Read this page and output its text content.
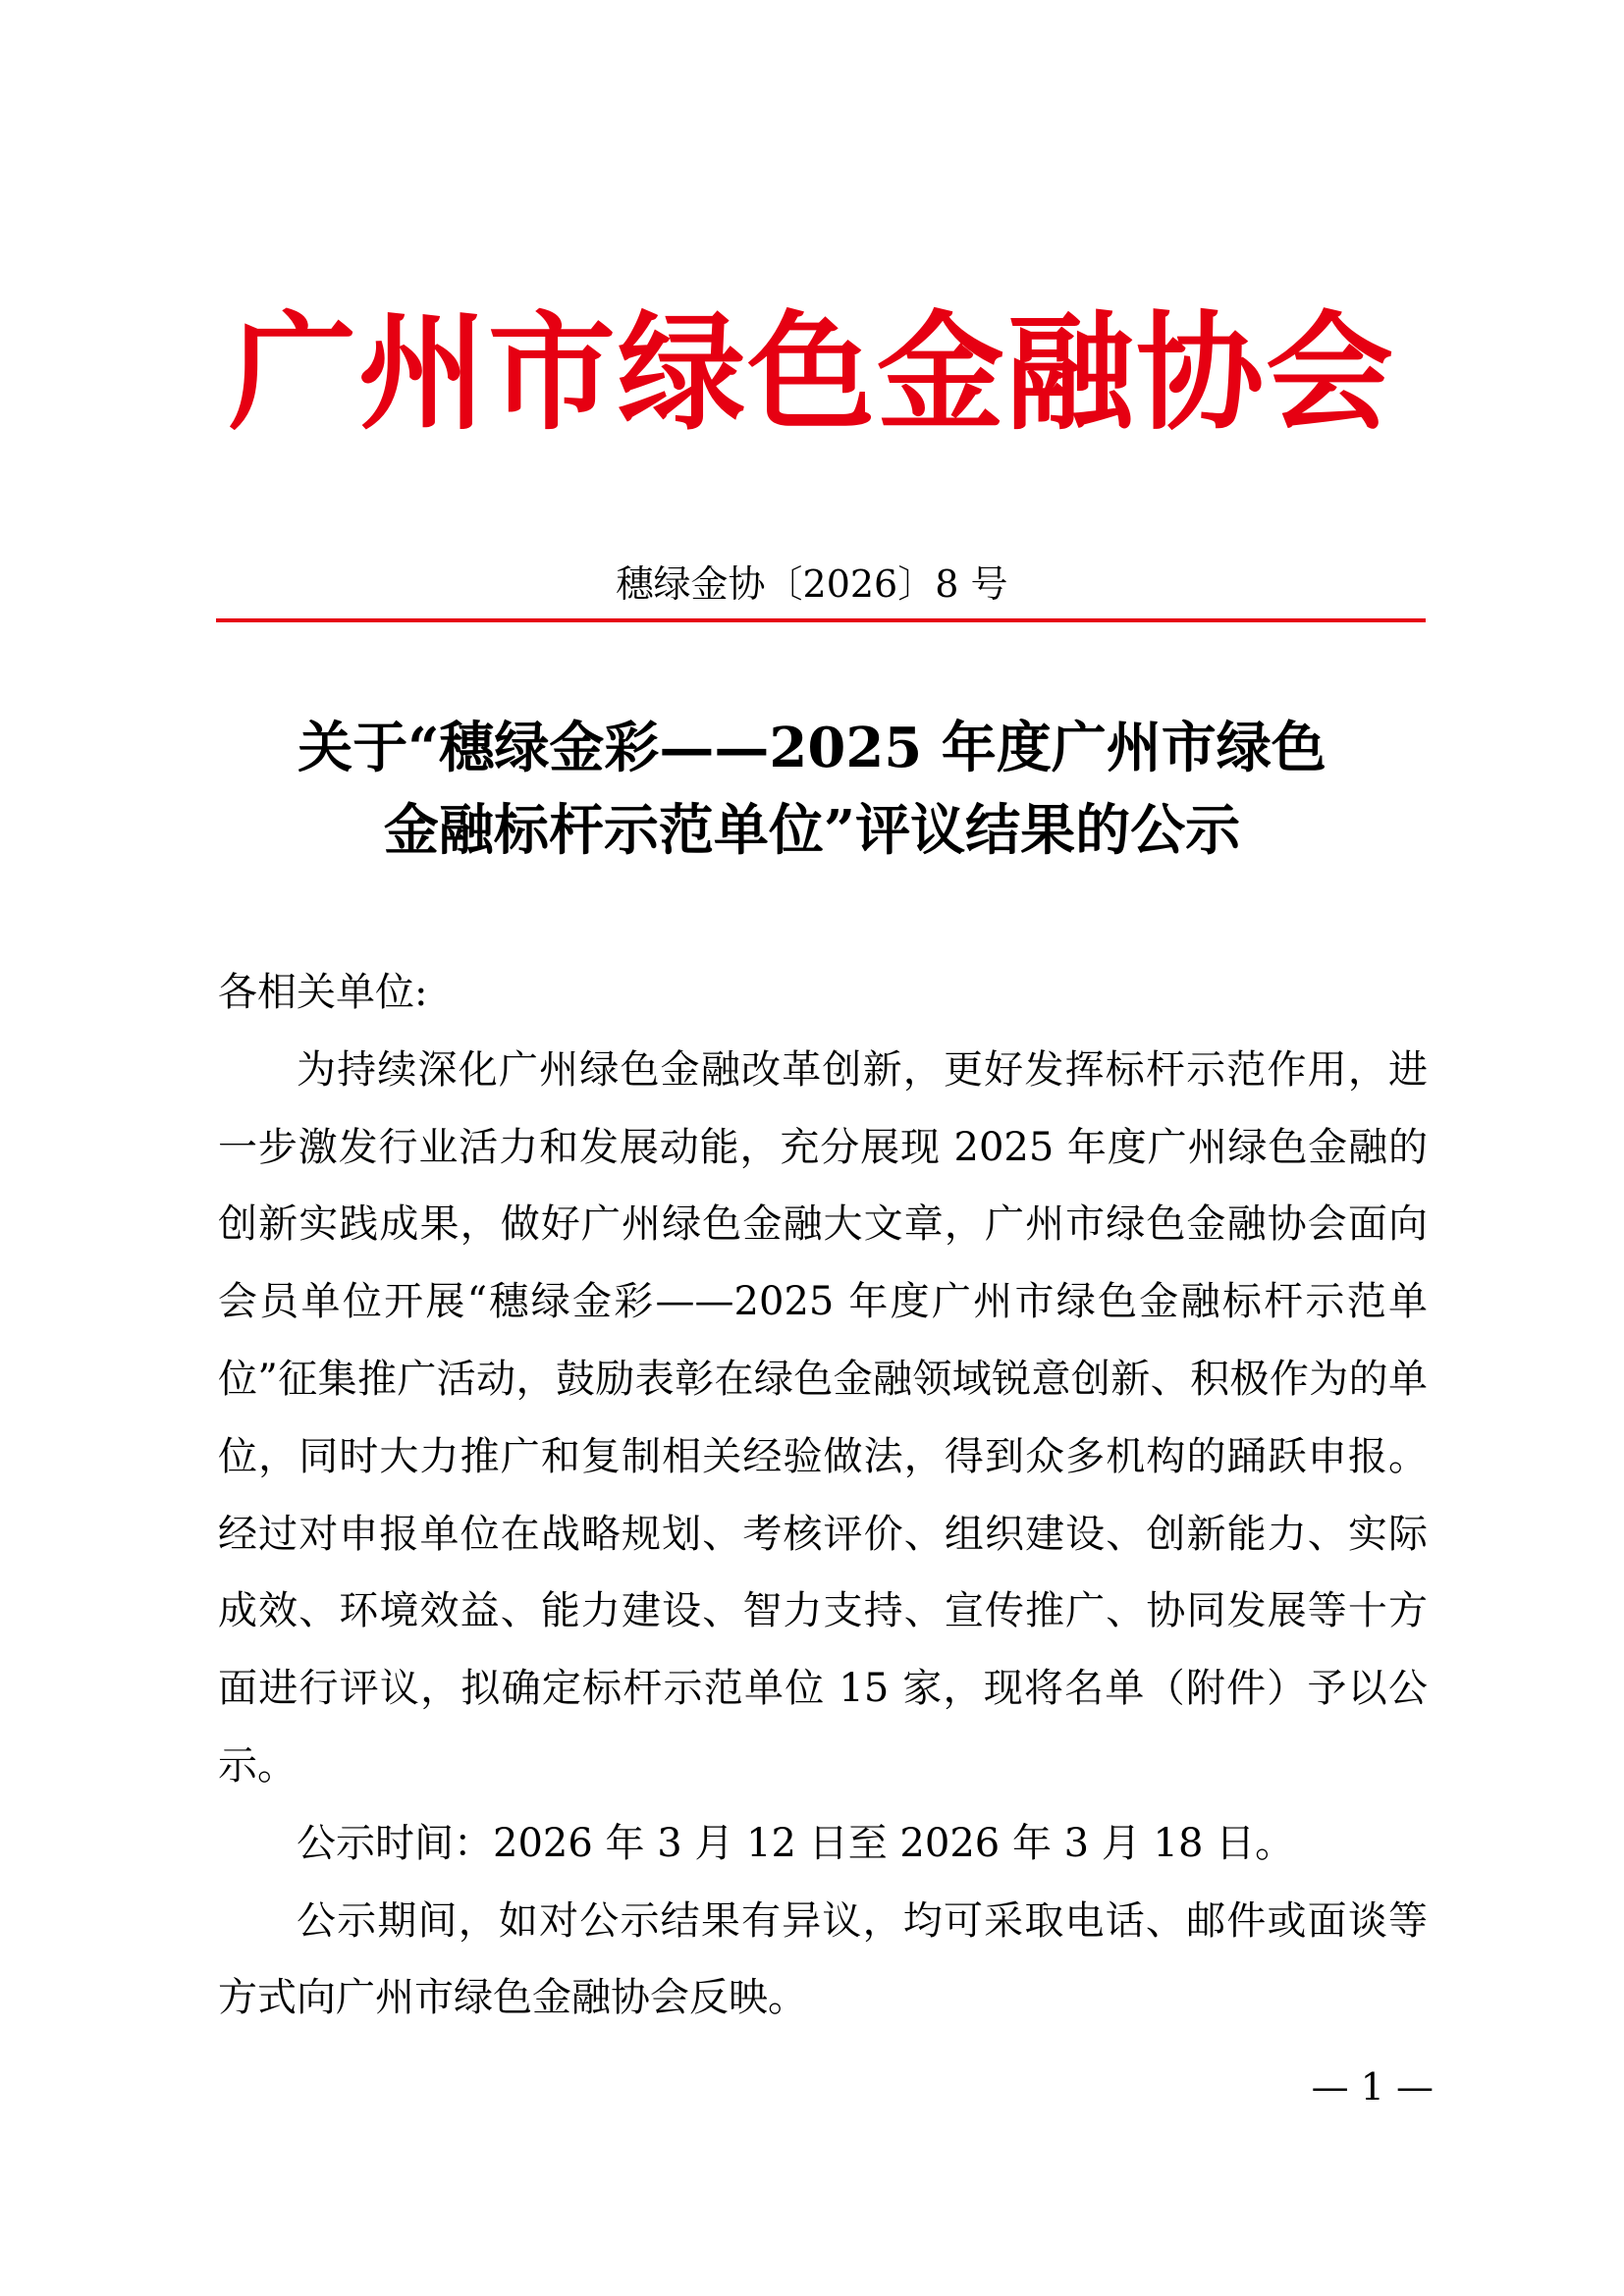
广州市绿色金融协会
穗绿金协〔2026〕8 号
关于“穗绿金彩——2025 年度广州市绿色
金融标杆示范单位”评议结果的公示

各相关单位:

为持续深化广州绿色金融改革创新，更好发挥标杆示范作用，进一步激发行业活力和发展动能，充分展现 2025 年度广州绿色金融的创新实践成果，做好广州绿色金融大文章，广州市绿色金融协会面向会员单位开展“穗绿金彩——2025 年度广州市绿色金融标杆示范单位”征集推广活动，鼓励表彰在绿色金融领域锐意创新、积极作为的单位，同时大力推广和复制相关经验做法，得到众多机构的踊跃申报。经过对申报单位在战略规划、考核评价、组织建设、创新能力、实际成效、环境效益、能力建设、智力支持、宣传推广、协同发展等十方面进行评议，拟确定标杆示范单位 15 家，现将名单（附件）予以公示。

公示时间：2026 年 3 月 12 日至 2026 年 3 月 18 日。

公示期间，如对公示结果有异议，均可采取电话、邮件或面谈等方式向广州市绿色金融协会反映。

— 1 —
